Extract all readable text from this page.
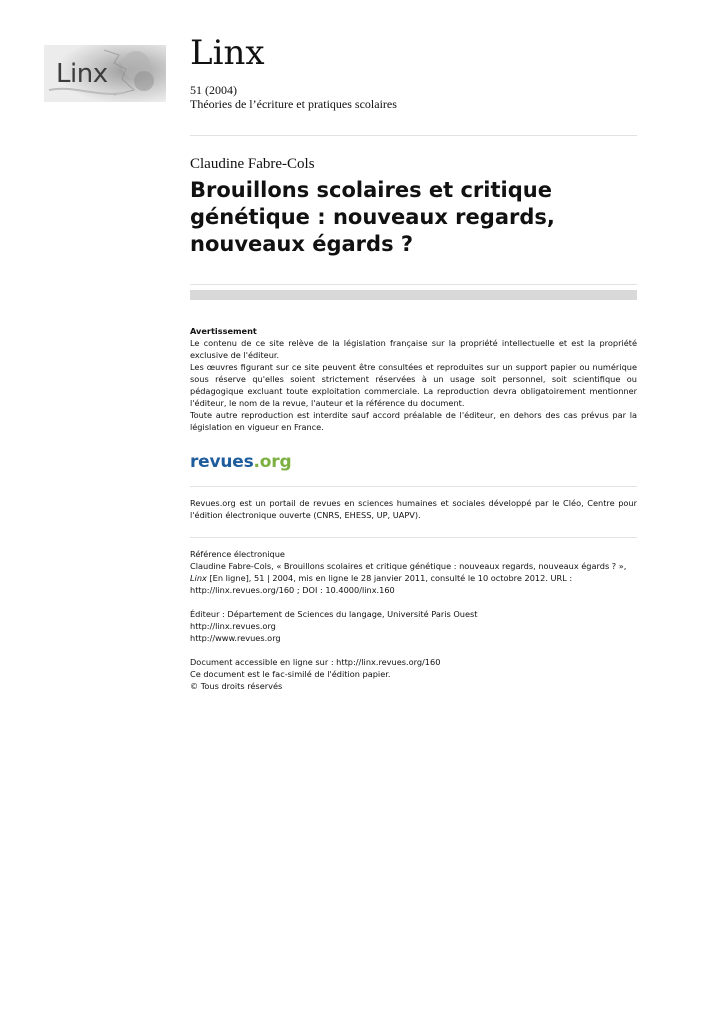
Linx
Linx
51 (2004)
Théories de l’écriture et pratiques scolaires
Claudine Fabre-Cols
Brouillons scolaires et critique génétique : nouveaux regards, nouveaux égards ?
Avertissement

Le contenu de ce site relève de la législation française sur la propriété intellectuelle et est la propriété exclusive de l'éditeur.

Les œuvres figurant sur ce site peuvent être consultées et reproduites sur un support papier ou numérique sous réserve qu'elles soient strictement réservées à un usage soit personnel, soit scientifique ou pédagogique excluant toute exploitation commerciale. La reproduction devra obligatoirement mentionner l'éditeur, le nom de la revue, l'auteur et la référence du document.

Toute autre reproduction est interdite sauf accord préalable de l'éditeur, en dehors des cas prévus par la législation en vigueur en France.

revues.org
Revues.org est un portail de revues en sciences humaines et sociales développé par le Cléo, Centre pour l'édition électronique ouverte (CNRS, EHESS, UP, UAPV).

Référence électronique

Claudine Fabre-Cols, « Brouillons scolaires et critique génétique : nouveaux regards, nouveaux égards ? », Linx [En ligne], 51 | 2004, mis en ligne le 28 janvier 2011, consulté le 10 octobre 2012. URL : http://linx.revues.org/160 ; DOI : 10.4000/linx.160

Éditeur : Département de Sciences du langage, Université Paris Ouest

http://linx.revues.org

http://www.revues.org

Document accessible en ligne sur : http://linx.revues.org/160

Ce document est le fac-similé de l'édition papier.

© Tous droits réservés
